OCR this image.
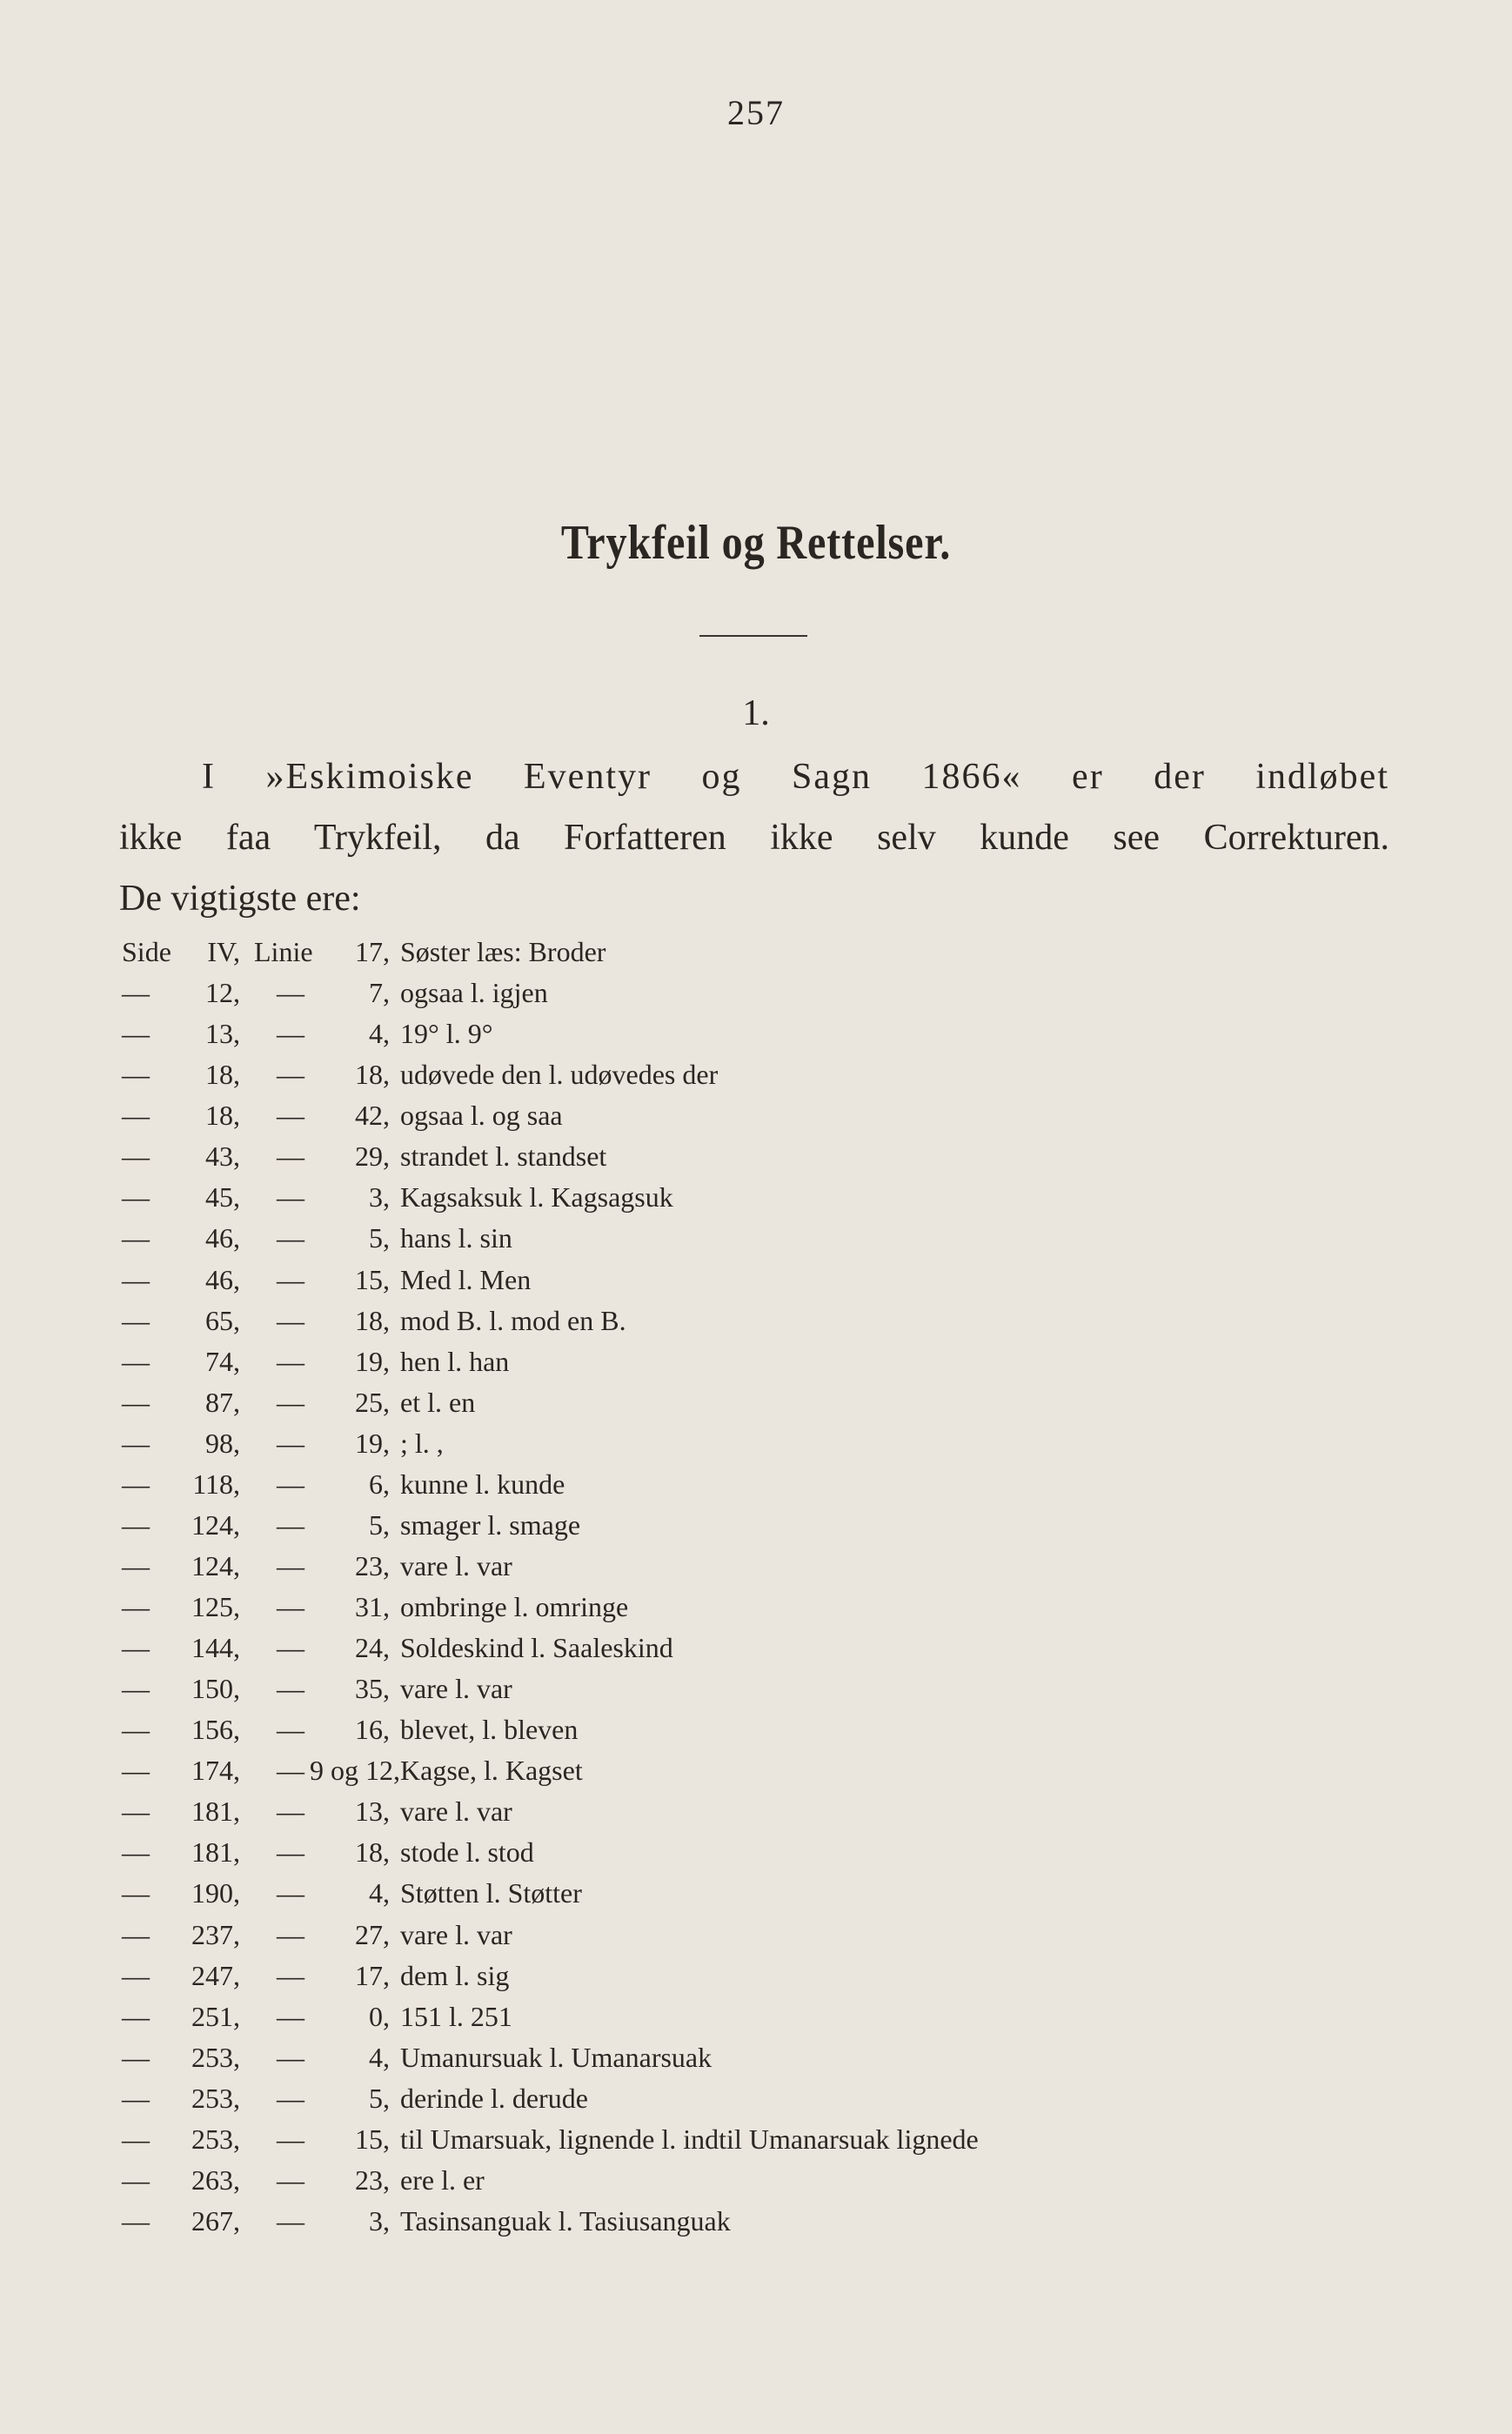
257
Trykfeil og Rettelser.
1.
I »Eskimoiske Eventyr og Sagn 1866« er der indløbet
ikke faa Trykfeil, da Forfatteren ikke selv kunde see Correkturen.
De vigtigste ere:
Side	IV, Linie	17, Søster læs: Broder
—	12, —	7, ogsaa l. igjen
—	13, —	4, 19° l. 9°
—	18, —	18, udøvede den l. udøvedes der
—	18, —	42, ogsaa l. og saa
—	43, —	29, strandet l. standset
—	45, —	3, Kagsaksuk l. Kagsagsuk
—	46, —	5, hans l. sin
—	46, —	15, Med l. Men
—	65, —	18, mod B. l. mod en B.
—	74, —	19, hen l. han
—	87, —	25, et l. en
—	98, —	19, ; l. ,
—	118, —	6, kunne l. kunde
—	124, —	5, smager l. smage
—	124, —	23, vare l. var
—	125, —	31, ombringe l. omringe
—	144, —	24, Soldeskind l. Saaleskind
—	150, —	35, vare l. var
—	156, —	16, blevet, l. bleven
—	174, — 9 og 12, Kagse, l. Kagset
—	181, —	13, vare l. var
—	181, —	18, stode l. stod
—	190, —	4, Støtten l. Støtter
—	237, —	27, vare l. var
—	247, —	17, dem l. sig
—	251, —	0, 151 l. 251
—	253, —	4, Umanursuak l. Umanarsuak
—	253, —	5, derinde l. derude
—	253, —	15, til Umarsuak, lignende l. indtil Umanarsuak lignede
—	263, —	23, ere l. er
—	267, —	3, Tasinsanguak l. Tasiusanguak
